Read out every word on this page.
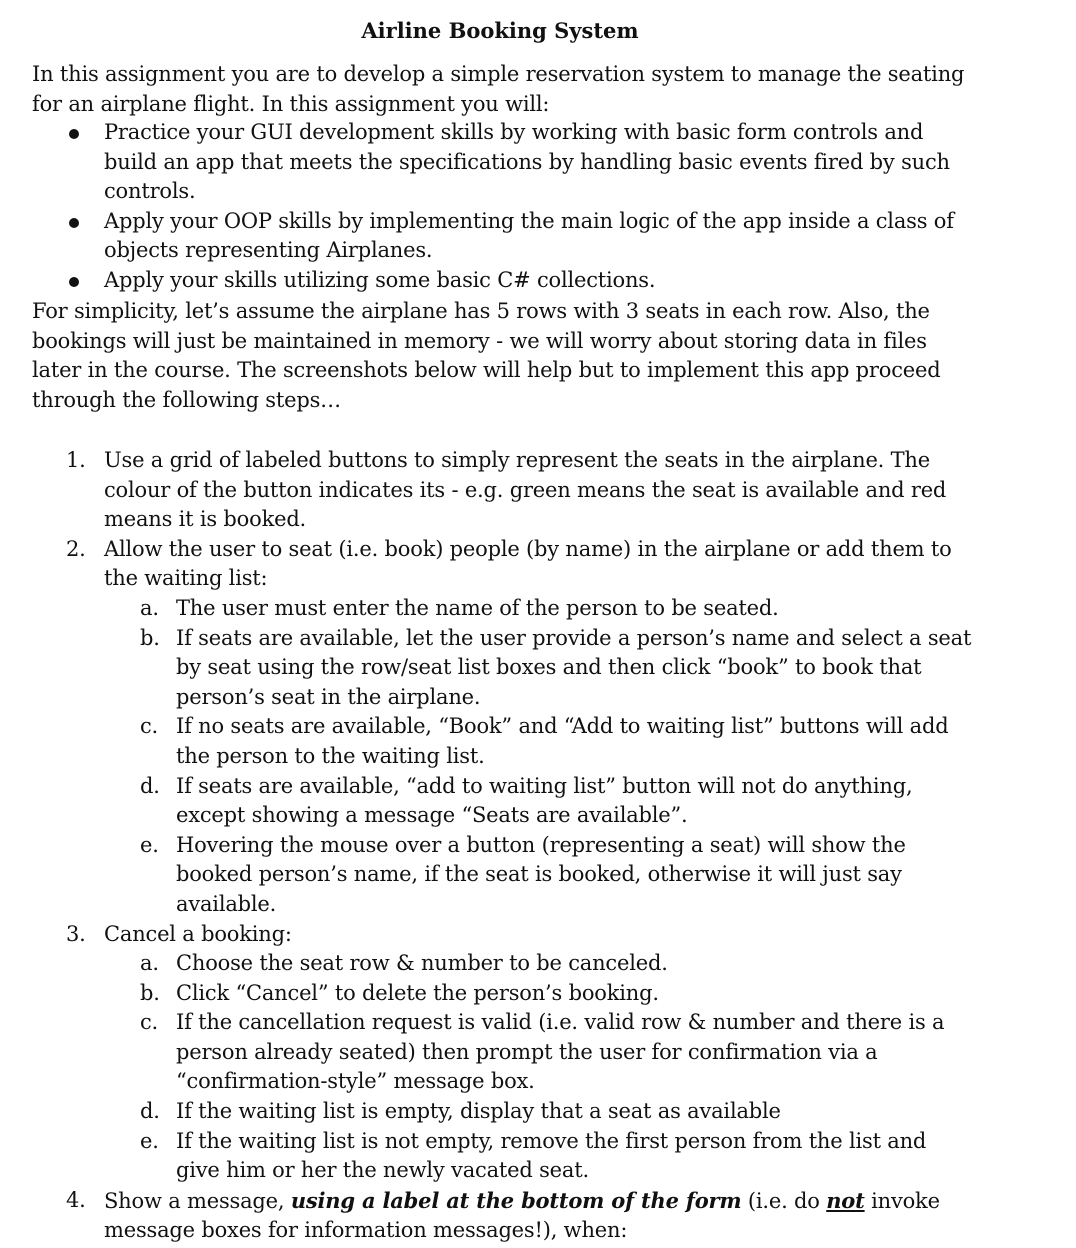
Airline Booking System

In this assignment you are to develop a simple reservation system to manage the seating for an airplane flight. In this assignment you will:

Practice your GUI development skills by working with basic form controls and build an app that meets the specifications by handling basic events fired by such controls.
Apply your OOP skills by implementing the main logic of the app inside a class of objects representing Airplanes.
Apply your skills utilizing some basic C# collections.

For simplicity, let’s assume the airplane has 5 rows with 3 seats in each row. Also, the bookings will just be maintained in memory - we will worry about storing data in files later in the course. The screenshots below will help but to implement this app proceed through the following steps…

1. Use a grid of labeled buttons to simply represent the seats in the airplane. The colour of the button indicates its - e.g. green means the seat is available and red means it is booked.
2. Allow the user to seat (i.e. book) people (by name) in the airplane or add them to the waiting list:
a. The user must enter the name of the person to be seated.
b. If seats are available, let the user provide a person’s name and select a seat by seat using the row/seat list boxes and then click “book” to book that person’s seat in the airplane.
c. If no seats are available, “Book” and “Add to waiting list” buttons will add the person to the waiting list.
d. If seats are available, “add to waiting list” button will not do anything, except showing a message “Seats are available”.
e. Hovering the mouse over a button (representing a seat) will show the booked person’s name, if the seat is booked, otherwise it will just say available.
3. Cancel a booking:
a. Choose the seat row & number to be canceled.
b. Click “Cancel” to delete the person’s booking.
c. If the cancellation request is valid (i.e. valid row & number and there is a person already seated) then prompt the user for confirmation via a “confirmation-style” message box.
d. If the waiting list is empty, display that a seat as available
e. If the waiting list is not empty, remove the first person from the list and give him or her the newly vacated seat.
4. Show a message, using a label at the bottom of the form (i.e. do not invoke message boxes for information messages!), when:
